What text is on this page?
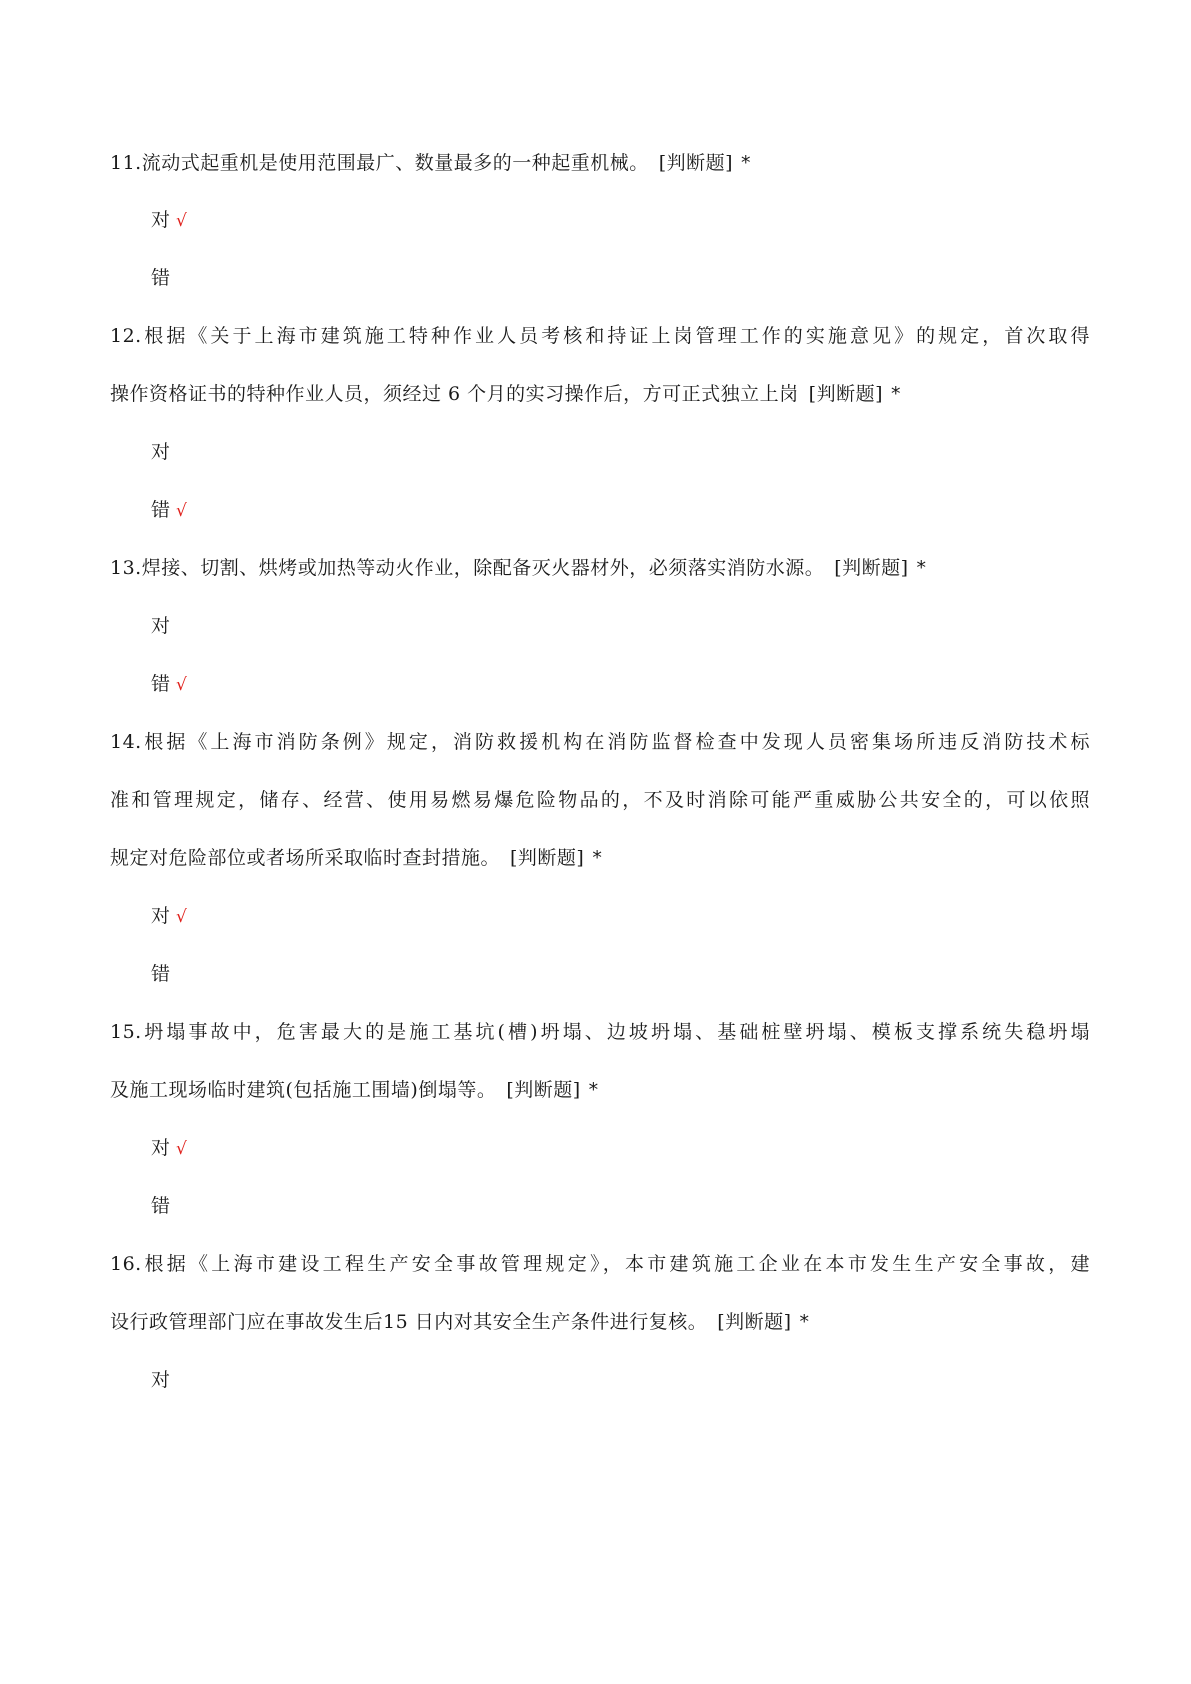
11.流动式起重机是使用范围最广、数量最多的一种起重机械。 [判断题] *
对 √
错
12.根据《关于上海市建筑施工特种作业人员考核和持证上岗管理工作的实施意见》的规定，首次取得
操作资格证书的特种作业人员，须经过 6 个月的实习操作后，方可正式独立上岗 [判断题] *
对
错 √
13.焊接、切割、烘烤或加热等动火作业，除配备灭火器材外，必须落实消防水源。 [判断题] *
对
错 √
14.根据《上海市消防条例》规定，消防救援机构在消防监督检查中发现人员密集场所违反消防技术标
准和管理规定，储存、经营、使用易燃易爆危险物品的，不及时消除可能严重威胁公共安全的，可以依照
规定对危险部位或者场所采取临时查封措施。 [判断题] *
对 √
错
15.坍塌事故中，危害最大的是施工基坑(槽)坍塌、边坡坍塌、基础桩壁坍塌、模板支撑系统失稳坍塌
及施工现场临时建筑(包括施工围墙)倒塌等。 [判断题] *
对 √
错
16.根据《上海市建设工程生产安全事故管理规定》，本市建筑施工企业在本市发生生产安全事故，建
设行政管理部门应在事故发生后15 日内对其安全生产条件进行复核。 [判断题] *
对
